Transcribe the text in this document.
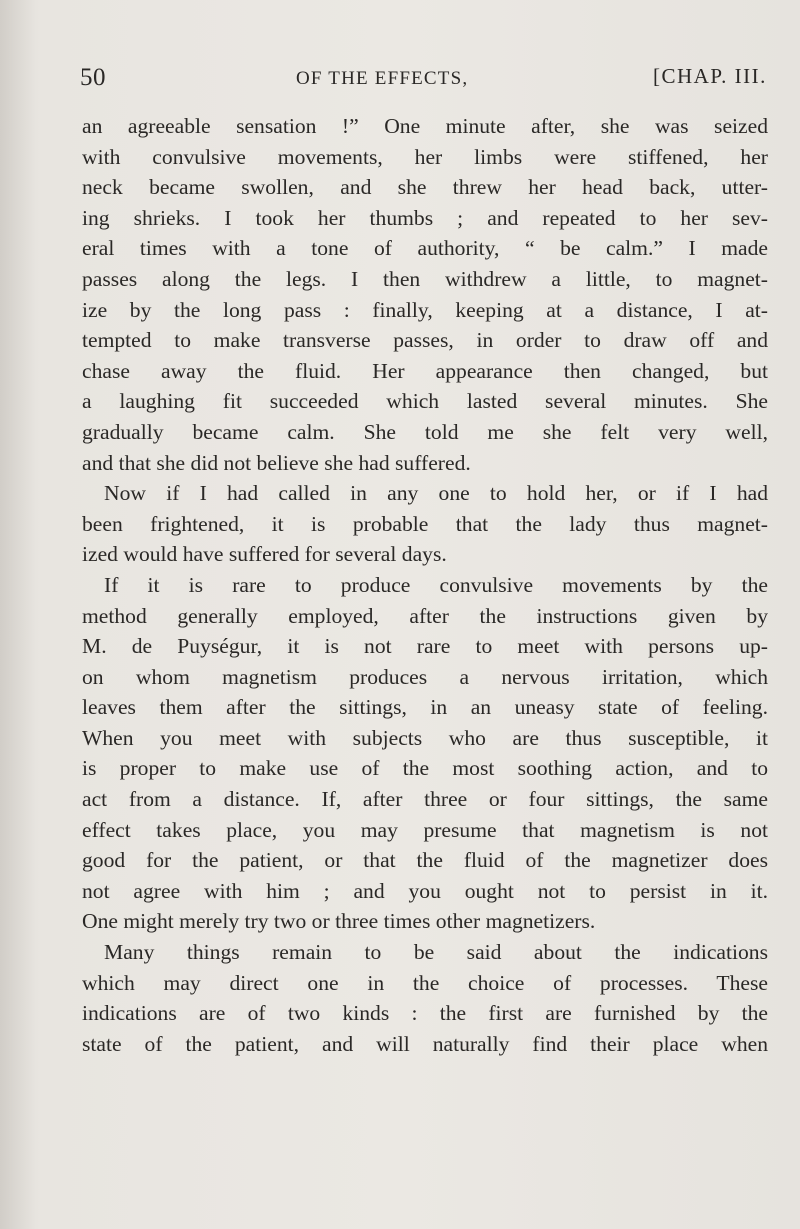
50	OF THE EFFECTS,	[CHAP. III.
an agreeable sensation !” One minute after, she was seized
with convulsive movements, her limbs were stiffened, her
neck became swollen, and she threw her head back, utter-
ing shrieks. I took her thumbs ; and repeated to her sev-
eral times with a tone of authority, “ be calm.” I made
passes along the legs. I then withdrew a little, to magnet-
ize by the long pass : finally, keeping at a distance, I at-
tempted to make transverse passes, in order to draw off and
chase away the fluid. Her appearance then changed, but
a laughing fit succeeded which lasted several minutes. She
gradually became calm. She told me she felt very well,
and that she did not believe she had suffered.
Now if I had called in any one to hold her, or if I had
been frightened, it is probable that the lady thus magnet-
ized would have suffered for several days.
If it is rare to produce convulsive movements by the
method generally employed, after the instructions given by
M. de Puységur, it is not rare to meet with persons up-
on whom magnetism produces a nervous irritation, which
leaves them after the sittings, in an uneasy state of feeling.
When you meet with subjects who are thus susceptible, it
is proper to make use of the most soothing action, and to
act from a distance. If, after three or four sittings, the same
effect takes place, you may presume that magnetism is not
good for the patient, or that the fluid of the magnetizer does
not agree with him ; and you ought not to persist in it.
One might merely try two or three times other magnetizers.
Many things remain to be said about the indications
which may direct one in the choice of processes. These
indications are of two kinds : the first are furnished by the
state of the patient, and will naturally find their place when
